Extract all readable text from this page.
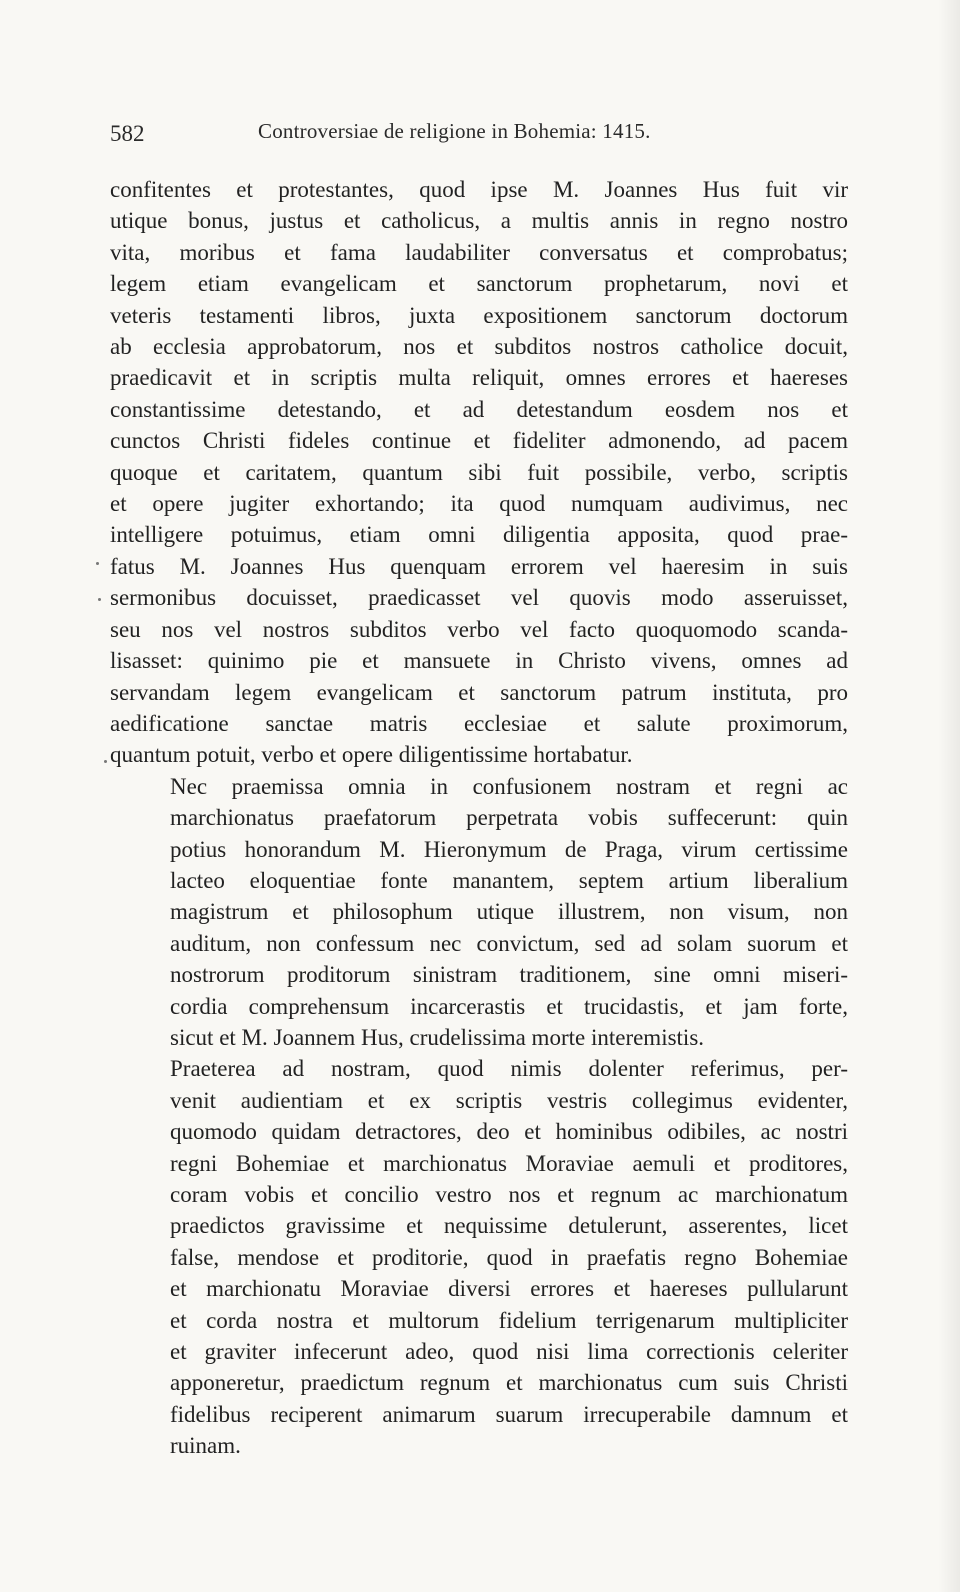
582	Controversiae de religione in Bohemia: 1415.
confitentes et protestantes, quod ipse M. Joannes Hus fuit vir
utique bonus, justus et catholicus, a multis annis in regno nostro
vita, moribus et fama laudabiliter conversatus et comprobatus;
legem etiam evangelicam et sanctorum prophetarum, novi et
veteris testamenti libros, juxta expositionem sanctorum doctorum
ab ecclesia approbatorum, nos et subditos nostros catholice docuit,
praedicavit et in scriptis multa reliquit, omnes errores et haereses
constantissime detestando, et ad detestandum eosdem nos et
cunctos Christi fideles continue et fideliter admonendo, ad pacem
quoque et caritatem, quantum sibi fuit possibile, verbo, scriptis
et opere jugiter exhortando; ita quod numquam audivimus, nec
intelligere potuimus, etiam omni diligentia apposita, quod prae-
fatus M. Joannes Hus quenquam errorem vel haeresim in suis
sermonibus docuisset, praedicasset vel quovis modo asseruisset,
seu nos vel nostros subditos verbo vel facto quoquomodo scanda-
lisasset: quinimo pie et mansuete in Christo vivens, omnes ad
servandam legem evangelicam et sanctorum patrum instituta, pro
aedificatione sanctae matris ecclesiae et salute proximorum,
quantum potuit, verbo et opere diligentissime hortabatur.
Nec praemissa omnia in confusionem nostram et regni ac
marchionatus praefatorum perpetrata vobis suffecerunt: quin
potius honorandum M. Hieronymum de Praga, virum certissime
lacteo eloquentiae fonte manantem, septem artium liberalium
magistrum et philosophum utique illustrem, non visum, non
auditum, non confessum nec convictum, sed ad solam suorum et
nostrorum proditorum sinistram traditionem, sine omni miseri-
cordia comprehensum incarcerastis et trucidastis, et jam forte,
sicut et M. Joannem Hus, crudelissima morte interemistis.
Praeterea ad nostram, quod nimis dolenter referimus, per-
venit audientiam et ex scriptis vestris collegimus evidenter,
quomodo quidam detractores, deo et hominibus odibiles, ac nostri
regni Bohemiae et marchionatus Moraviae aemuli et proditores,
coram vobis et concilio vestro nos et regnum ac marchionatum
praedictos gravissime et nequissime detulerunt, asserentes, licet
false, mendose et proditorie, quod in praefatis regno Bohemiae
et marchionatu Moraviae diversi errores et haereses pullularunt
et corda nostra et multorum fidelium terrigenarum multipliciter
et graviter infecerunt adeo, quod nisi lima correctionis celeriter
apponeretur, praedictum regnum et marchionatus cum suis Christi
fidelibus reciperent animarum suarum irrecuperabile damnum et
ruinam.
